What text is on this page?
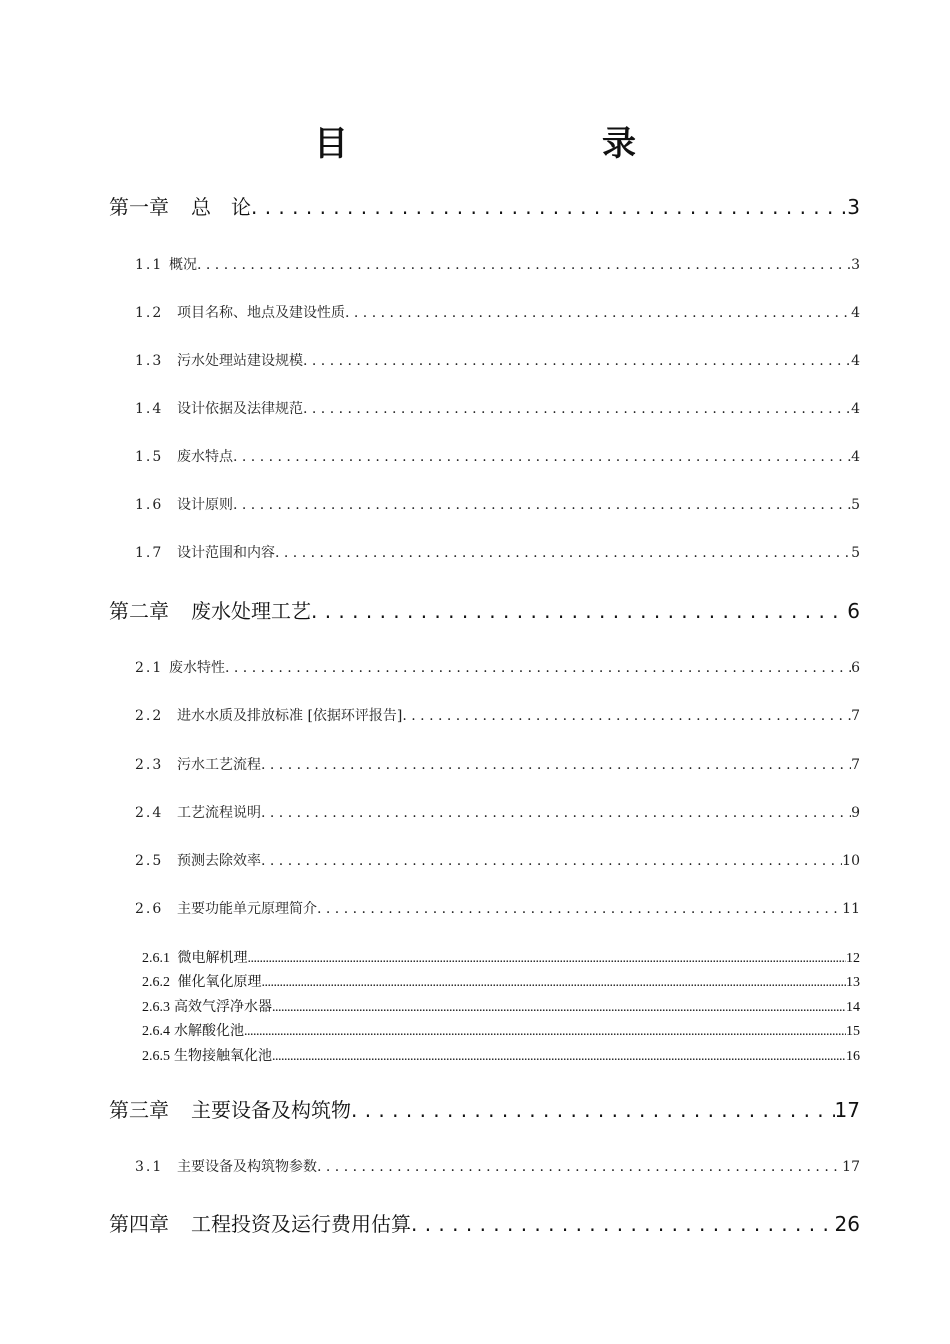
目　　录
第一章 总　论 . . .	3
1.1 概况 . . .	3
1.2 项目名称、地点及建设性质 . . .	4
1.3 污水处理站建设规模 . . .	4
1.4 设计依据及法律规范 . . .	4
1.5 废水特点 . . .	4
1.6 设计原则 . . .	5
1.7 设计范围和内容 . . .	5
第二章 废水处理工艺 . . .	6
2.1 废水特性 . . .	6
2.2 进水水质及排放标准 [依据环评报告] . . .	7
2.3 污水工艺流程 . . .	7
2.4 工艺流程说明 . . .	9
2.5 预测去除效率 . . .	10
2.6 主要功能单元原理简介 . . .	11
2.6.1 微电解机理 .....	12
2.6.2 催化氧化原理 .....	13
2.6.3 高效气浮净水器 .....	14
2.6.4 水解酸化池 .....	15
2.6.5 生物接触氧化池 .....	16
第三章 主要设备及构筑物 . . .	17
3.1 主要设备及构筑物参数 . . .	17
第四章 工程投资及运行费用估算 . . .	26
